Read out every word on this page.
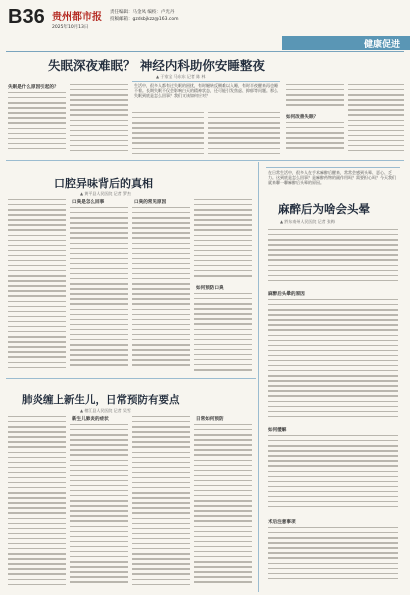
B36 贵州都市报 责任编辑：马金凤 编校：卢光丹
投稿邮箱：gzdsbjkzz@163.com
2025年10月13日
健康促进
失眠深夜难眠？ 神经内科助你安睡整夜
▲ 于家宝 马东东 记者 陈 林
生活中，很多人都有过失眠的困扰，有时辗转反侧难以入睡，有时半夜醒来再也睡不着。长期失眠不仅会影响白天的精神状态，还可能引发焦虑、抑郁等问题。那么失眠到底是怎么回事？我们又该如何应对？
失眠是什么原因引起的？
如何改善失眠？
口腔异味背后的真相
▲ 黄平县人民医院 记者 罗杰
口臭是怎么回事	口臭的常见原因
如何预防口臭
肺炎缠上新生儿，日常预防有要点
▲ 榕江县人民医院 记者 吴雪
新生儿肺炎的症状	日常如何预防
在日常生活中，很多人在手术麻醉后醒来，常常会感到头晕、恶心、乏力。这到底是怎么回事？是麻醉药物的副作用吗？需要担心吗？今天我们就来聊一聊麻醉后头晕的原因。
麻醉后为啥会头晕
▲ 黔东南州人民医院 记者 张梅
麻醉后头晕的原因
如何缓解
术后注意事项
